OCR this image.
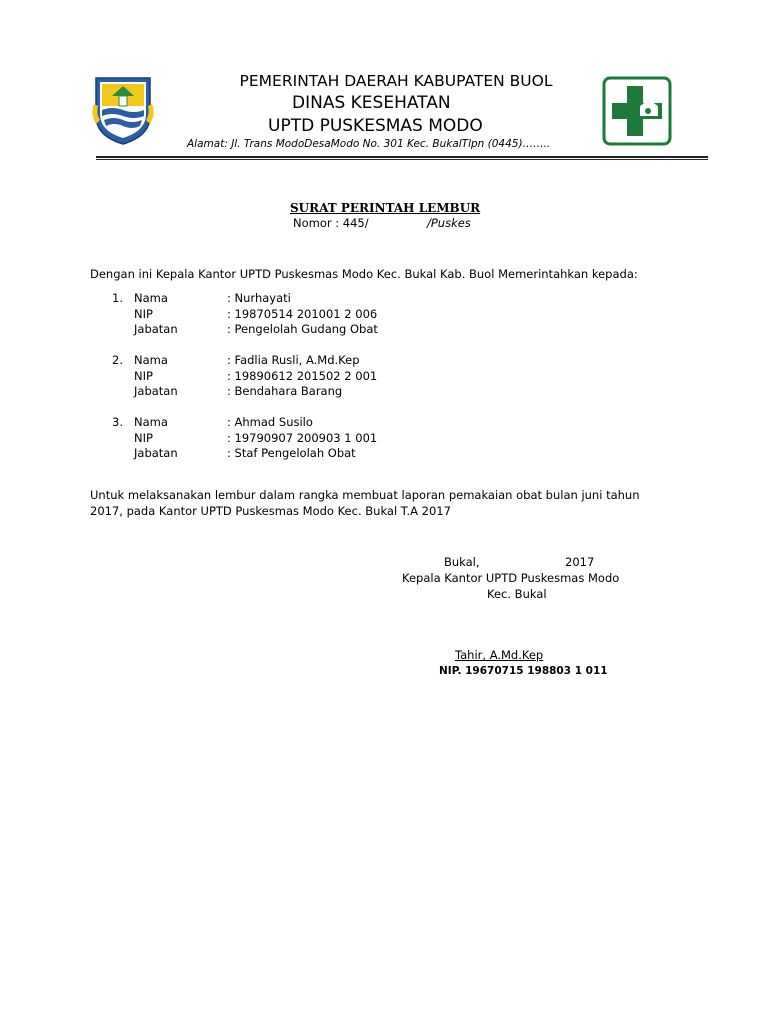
PEMERINTAH DAERAH KABUPATEN BUOL
DINAS KESEHATAN
UPTD PUSKESMAS MODO
Alamat: Jl. Trans ModoDesaModo No. 301 Kec. BukalTlpn (0445)……..
SURAT PERINTAH LEMBUR
Nomor : 445/	/Puskes
Dengan ini Kepala Kantor UPTD Puskesmas Modo Kec. Bukal Kab. Buol Memerintahkan kepada:
1. Nama	: Nurhayati
NIP	: 19870514 201001 2 006
Jabatan	: Pengelolah Gudang Obat
2. Nama	: Fadlia Rusli, A.Md.Kep
NIP	: 19890612 201502 2 001
Jabatan	: Bendahara Barang
3. Nama	: Ahmad Susilo
NIP	: 19790907 200903 1 001
Jabatan	: Staf Pengelolah Obat
Untuk melaksanakan lembur dalam rangka membuat laporan pemakaian obat bulan juni tahun
2017, pada Kantor UPTD Puskesmas Modo Kec. Bukal T.A 2017
Bukal,	2017
Kepala Kantor UPTD Puskesmas Modo
Kec. Bukal
Tahir, A.Md.Kep
NIP. 19670715 198803 1 011
